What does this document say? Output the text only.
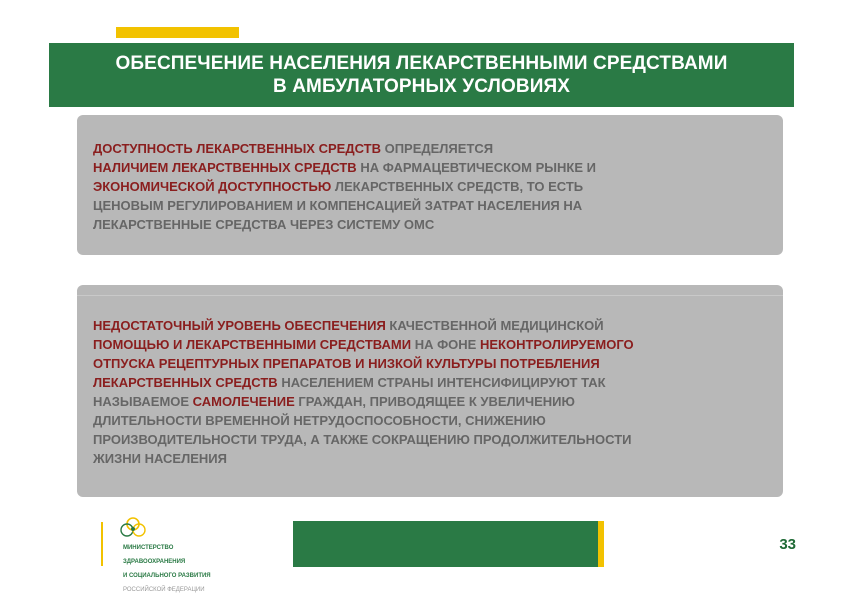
ОБЕСПЕЧЕНИЕ НАСЕЛЕНИЯ ЛЕКАРСТВЕННЫМИ СРЕДСТВАМИ
В АМБУЛАТОРНЫХ УСЛОВИЯХ
ДОСТУПНОСТЬ ЛЕКАРСТВЕННЫХ СРЕДСТВ ОПРЕДЕЛЯЕТСЯ
НАЛИЧИЕМ ЛЕКАРСТВЕННЫХ СРЕДСТВ НА ФАРМАЦЕВТИЧЕСКОМ РЫНКЕ И
ЭКОНОМИЧЕСКОЙ ДОСТУПНОСТЬЮ ЛЕКАРСТВЕННЫХ СРЕДСТВ, ТО ЕСТЬ
ЦЕНОВЫМ РЕГУЛИРОВАНИЕМ И КОМПЕНСАЦИЕЙ ЗАТРАТ НАСЕЛЕНИЯ НА
ЛЕКАРСТВЕННЫЕ СРЕДСТВА ЧЕРЕЗ СИСТЕМУ ОМС
НЕДОСТАТОЧНЫЙ УРОВЕНЬ ОБЕСПЕЧЕНИЯ КАЧЕСТВЕННОЙ МЕДИЦИНСКОЙ
ПОМОЩЬЮ И ЛЕКАРСТВЕННЫМИ СРЕДСТВАМИ НА ФОНЕ НЕКОНТРОЛИРУЕМОГО
ОТПУСКА РЕЦЕПТУРНЫХ ПРЕПАРАТОВ И НИЗКОЙ КУЛЬТУРЫ ПОТРЕБЛЕНИЯ
ЛЕКАРСТВЕННЫХ СРЕДСТВ НАСЕЛЕНИЕМ СТРАНЫ ИНТЕНСИФИЦИРУЮТ ТАК
НАЗЫВАЕМОЕ САМОЛЕЧЕНИЕ ГРАЖДАН, ПРИВОДЯЩЕЕ К УВЕЛИЧЕНИЮ
ДЛИТЕЛЬНОСТИ ВРЕМЕННОЙ НЕТРУДОСПОСОБНОСТИ, СНИЖЕНИЮ
ПРОИЗВОДИТЕЛЬНОСТИ ТРУДА, А ТАКЖЕ СОКРАЩЕНИЮ ПРОДОЛЖИТЕЛЬНОСТИ
ЖИЗНИ НАСЕЛЕНИЯ

МИНИСТЕРСТВО

ЗДРАВООХРАНЕНИЯ

И СОЦИАЛЬНОГО РАЗВИТИЯ

РОССИЙСКОЙ ФЕДЕРАЦИИ

33
